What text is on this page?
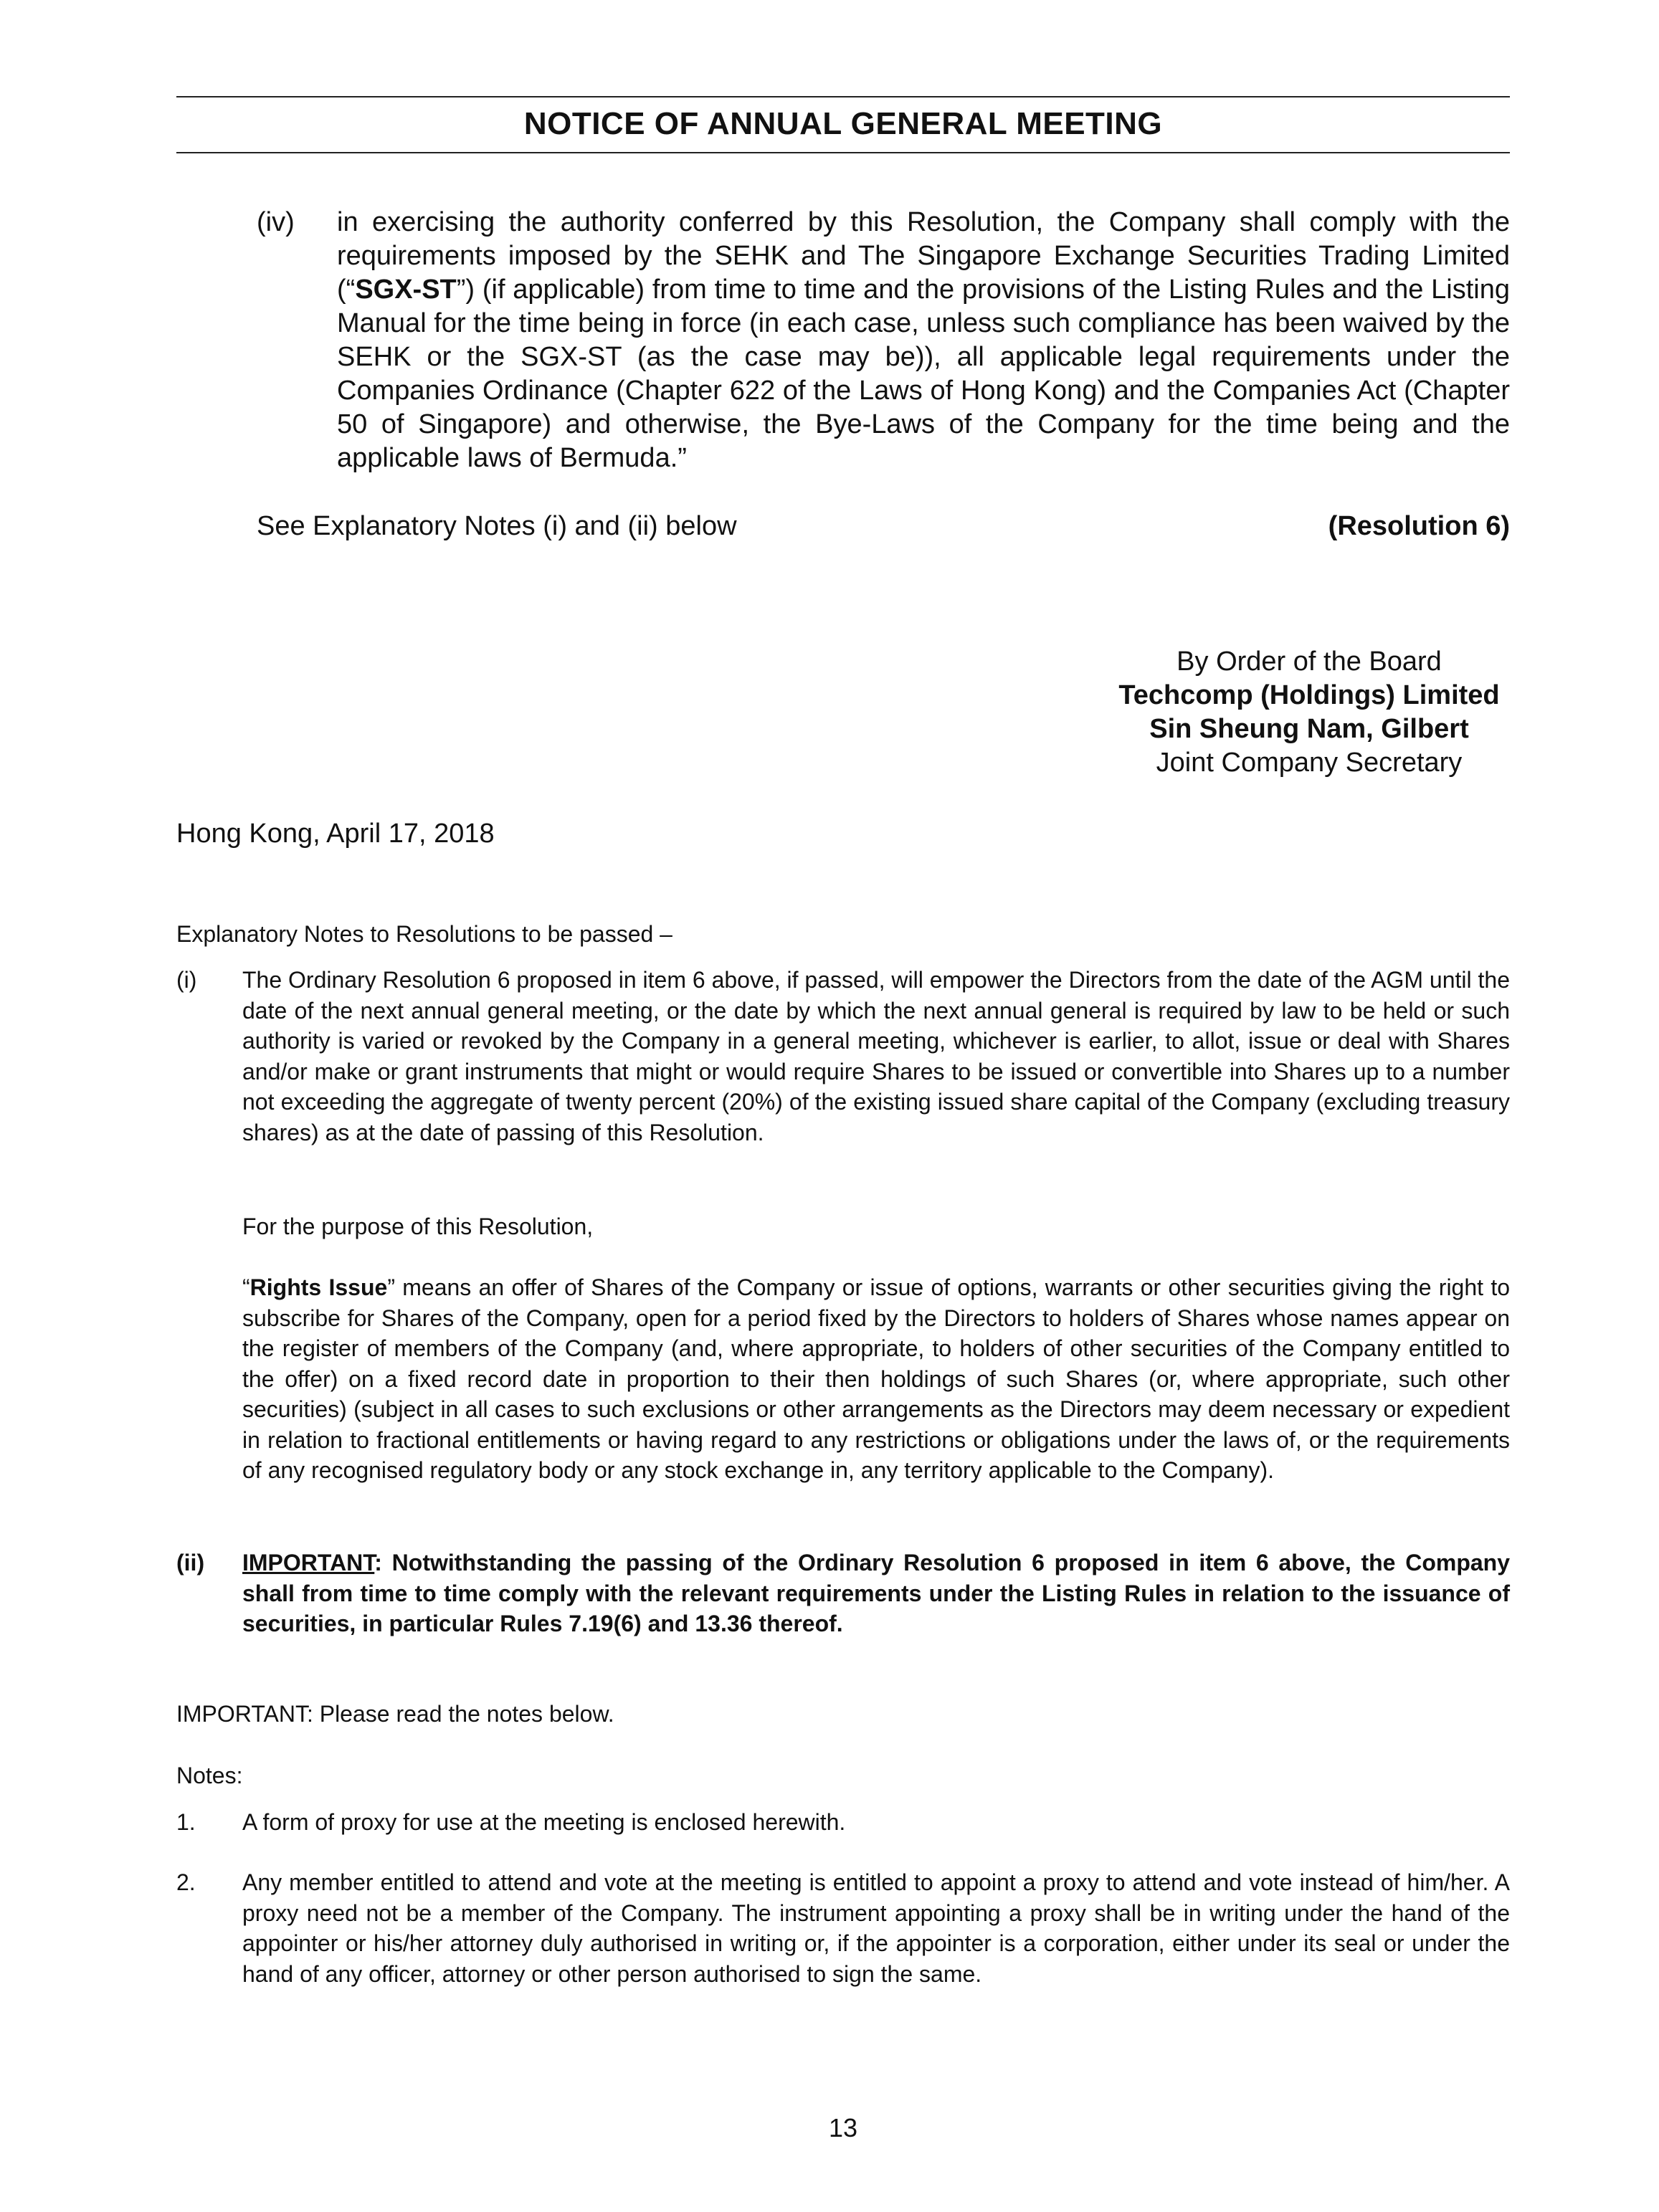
NOTICE OF ANNUAL GENERAL MEETING
(iv) in exercising the authority conferred by this Resolution, the Company shall comply with the requirements imposed by the SEHK and The Singapore Exchange Securities Trading Limited (“SGX-ST”) (if applicable) from time to time and the provisions of the Listing Rules and the Listing Manual for the time being in force (in each case, unless such compliance has been waived by the SEHK or the SGX-ST (as the case may be)), all applicable legal requirements under the Companies Ordinance (Chapter 622 of the Laws of Hong Kong) and the Companies Act (Chapter 50 of Singapore) and otherwise, the Bye-Laws of the Company for the time being and the applicable laws of Bermuda.”

See Explanatory Notes (i) and (ii) below	(Resolution 6)
By Order of the Board
Techcomp (Holdings) Limited
Sin Sheung Nam, Gilbert
Joint Company Secretary
Hong Kong, April 17, 2018
Explanatory Notes to Resolutions to be passed –
(i) The Ordinary Resolution 6 proposed in item 6 above, if passed, will empower the Directors from the date of the AGM until the date of the next annual general meeting, or the date by which the next annual general is required by law to be held or such authority is varied or revoked by the Company in a general meeting, whichever is earlier, to allot, issue or deal with Shares and/or make or grant instruments that might or would require Shares to be issued or convertible into Shares up to a number not exceeding the aggregate of twenty percent (20%) of the existing issued share capital of the Company (excluding treasury shares) as at the date of passing of this Resolution.

For the purpose of this Resolution,

“Rights Issue” means an offer of Shares of the Company or issue of options, warrants or other securities giving the right to subscribe for Shares of the Company, open for a period fixed by the Directors to holders of Shares whose names appear on the register of members of the Company (and, where appropriate, to holders of other securities of the Company entitled to the offer) on a fixed record date in proportion to their then holdings of such Shares (or, where appropriate, such other securities) (subject in all cases to such exclusions or other arrangements as the Directors may deem necessary or expedient in relation to fractional entitlements or having regard to any restrictions or obligations under the laws of, or the requirements of any recognised regulatory body or any stock exchange in, any territory applicable to the Company).

(ii) IMPORTANT: Notwithstanding the passing of the Ordinary Resolution 6 proposed in item 6 above, the Company shall from time to time comply with the relevant requirements under the Listing Rules in relation to the issuance of securities, in particular Rules 7.19(6) and 13.36 thereof.

IMPORTANT: Please read the notes below.
Notes:
1. A form of proxy for use at the meeting is enclosed herewith.

2. Any member entitled to attend and vote at the meeting is entitled to appoint a proxy to attend and vote instead of him/her. A proxy need not be a member of the Company. The instrument appointing a proxy shall be in writing under the hand of the appointer or his/her attorney duly authorised in writing or, if the appointer is a corporation, either under its seal or under the hand of any officer, attorney or other person authorised to sign the same.

13
